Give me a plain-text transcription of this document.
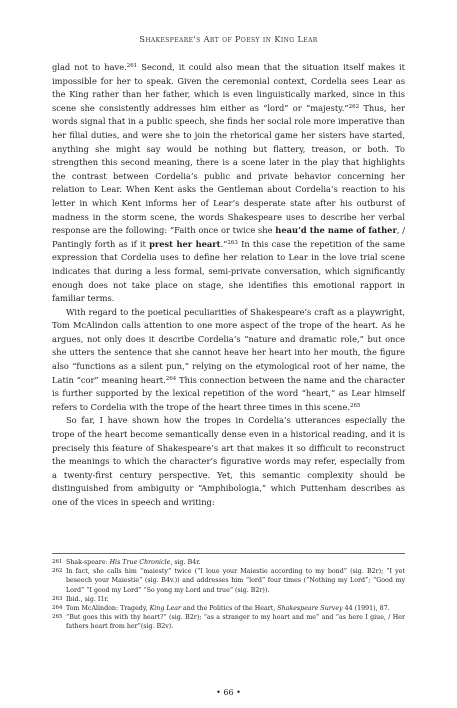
Shakespeare's Art of Poesy in King Lear

glad not to have.$^{261}$ Second, it could also mean that the situation itself makes it impossible for her to speak. Given the ceremonial context, Cordelia sees Lear as the King rather than her father, which is even linguistically marked, since in this scene she consistently addresses him either as “lord” or “majesty.”$^{262}$ Thus, her words signal that in a public speech, she finds her social role more imperative than her filial duties, and were she to join the rhetorical game her sisters have started, anything she might say would be nothing but flattery, treason, or both. To strengthen this second meaning, there is a scene later in the play that highlights the contrast between Cordelia’s public and private behavior concerning her relation to Lear. When Kent asks the Gentleman about Cordelia’s reaction to his letter in which Kent informs her of Lear’s desperate state after his outburst of madness in the storm scene, the words Shakespeare uses to describe her verbal response are the following: “Faith once or twice she heau’d the name of father, / Pantingly forth as if it prest her heart.”$^{263}$ In this case the repetition of the same expression that Cordelia uses to define her relation to Lear in the love trial scene indicates that during a less formal, semi-private conversation, which significantly enough does not take place on stage, she identifies this emotional rapport in familiar terms.

With regard to the poetical peculiarities of Shakespeare’s craft as a playwright, Tom McAlindon calls attention to one more aspect of the trope of the heart. As he argues, not only does it describe Cordelia’s “nature and dramatic role,” but once she utters the sentence that she cannot heave her heart into her mouth, the figure also “functions as a silent pun,” relying on the etymological root of her name, the Latin “cor” meaning heart.$^{264}$ This connection between the name and the character is further supported by the lexical repetition of the word “heart,” as Lear himself refers to Cordelia with the trope of the heart three times in this scene.$^{265}$

So far, I have shown how the tropes in Cordelia’s utterances especially the trope of the heart become semantically dense even in a historical reading, and it is precisely this feature of Shakespeare’s art that makes it so difficult to reconstruct the meanings to which the character’s figurative words may refer, especially from a twenty-first century perspective. Yet, this semantic complexity should be distinguished from ambiguity or “Amphibologia,” which Puttenham describes as one of the vices in speech and writing:

261 Shak-speare: His True Chronicle, sig. B4r.
262 In fact, she calls him “maiesty” twice (“I loue your Maiestie according to my bond” (sig. B2r); “I yet beseech your Maiestie” (sig. B4v.)) and addresses him “lord” four times (“Nothing my Lord”; “Good my Lord” “I good my Lord” “So yong my Lord and true” (sig. B2r)).
263 Ibid., sig. I1r.
264 Tom McAlindon: Tragedy, King Lear and the Politics of the Heart, Shakespeare Survey 44 (1991), 87.
265 “But goes this with thy heart?” (sig. B2r); “as a stranger to my heart and me” and “as here I giue, / Her fathers heart from her”(sig. B2v).
• 66 •
